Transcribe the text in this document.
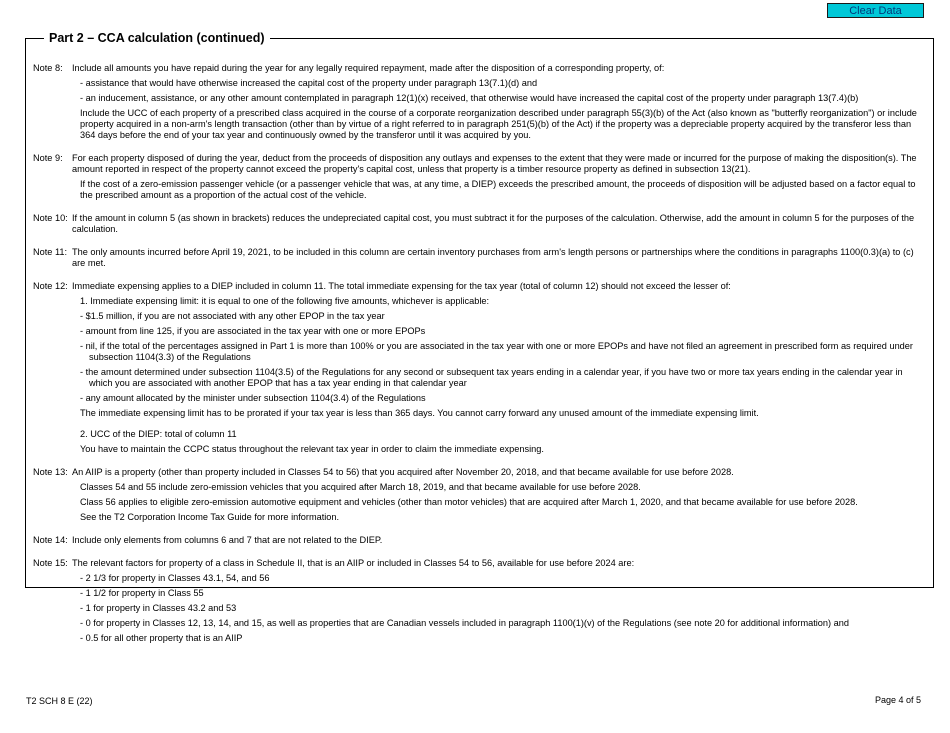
Clear Data
Part 2 – CCA calculation (continued)
Note 8:	Include all amounts you have repaid during the year for any legally required repayment, made after the disposition of a corresponding property, of:

- assistance that would have otherwise increased the capital cost of the property under paragraph 13(7.1)(d) and

- an inducement, assistance, or any other amount contemplated in paragraph 12(1)(x) received, that otherwise would have increased the capital cost of the property under paragraph 13(7.4)(b)

Include the UCC of each property of a prescribed class acquired in the course of a corporate reorganization described under paragraph 55(3)(b) of the Act (also known as "butterfly reorganization") or include property acquired in a non-arm's length transaction (other than by virtue of a right referred to in paragraph 251(5)(b) of the Act) if the property was a depreciable property acquired by the transferor less than 364 days before the end of your tax year and continuously owned by the transferor until it was acquired by you.

Note 9:	For each property disposed of during the year, deduct from the proceeds of disposition any outlays and expenses to the extent that they were made or incurred for the purpose of making the disposition(s). The amount reported in respect of the property cannot exceed the property's capital cost, unless that property is a timber resource property as defined in subsection 13(21).

If the cost of a zero-emission passenger vehicle (or a passenger vehicle that was, at any time, a DIEP) exceeds the prescribed amount, the proceeds of disposition will be adjusted based on a factor equal to the prescribed amount as a proportion of the actual cost of the vehicle.

Note 10: If the amount in column 5 (as shown in brackets) reduces the undepreciated capital cost, you must subtract it for the purposes of the calculation. Otherwise, add the amount in column 5 for the purposes of the calculation.

Note 11: The only amounts incurred before April 19, 2021, to be included in this column are certain inventory purchases from arm's length persons or partnerships where the conditions in paragraphs 1100(0.3)(a) to (c) are met.

Note 12: Immediate expensing applies to a DIEP included in column 11. The total immediate expensing for the tax year (total of column 12) should not exceed the lesser of:

1. Immediate expensing limit: it is equal to one of the following five amounts, whichever is applicable:

- $1.5 million, if you are not associated with any other EPOP in the tax year

- amount from line 125, if you are associated in the tax year with one or more EPOPs

- nil, if the total of the percentages assigned in Part 1 is more than 100% or you are associated in the tax year with one or more EPOPs and have not filed an agreement in prescribed form as required under subsection 1104(3.3) of the Regulations

- the amount determined under subsection 1104(3.5) of the Regulations for any second or subsequent tax years ending in a calendar year, if you have two or more tax years ending in the calendar year in which you are associated with another EPOP that has a tax year ending in that calendar year

- any amount allocated by the minister under subsection 1104(3.4) of the Regulations

The immediate expensing limit has to be prorated if your tax year is less than 365 days. You cannot carry forward any unused amount of the immediate expensing limit.

2. UCC of the DIEP: total of column 11

You have to maintain the CCPC status throughout the relevant tax year in order to claim the immediate expensing.

Note 13: An AIIP is a property (other than property included in Classes 54 to 56) that you acquired after November 20, 2018, and that became available for use before 2028.

Classes 54 and 55 include zero-emission vehicles that you acquired after March 18, 2019, and that became available for use before 2028.

Class 56 applies to eligible zero-emission automotive equipment and vehicles (other than motor vehicles) that are acquired after March 1, 2020, and that became available for use before 2028.

See the T2 Corporation Income Tax Guide for more information.

Note 14: Include only elements from columns 6 and 7 that are not related to the DIEP.

Note 15: The relevant factors for property of a class in Schedule II, that is an AIIP or included in Classes 54 to 56, available for use before 2024 are:

- 2 1/3 for property in Classes 43.1, 54, and 56

- 1 1/2 for property in Class 55

- 1 for property in Classes 43.2 and 53

- 0 for property in Classes 12, 13, 14, and 15, as well as properties that are Canadian vessels included in paragraph 1100(1)(v) of the Regulations (see note 20 for additional information) and

- 0.5 for all other property that is an AIIP

T2 SCH 8 E (22)	Page 4 of 5
